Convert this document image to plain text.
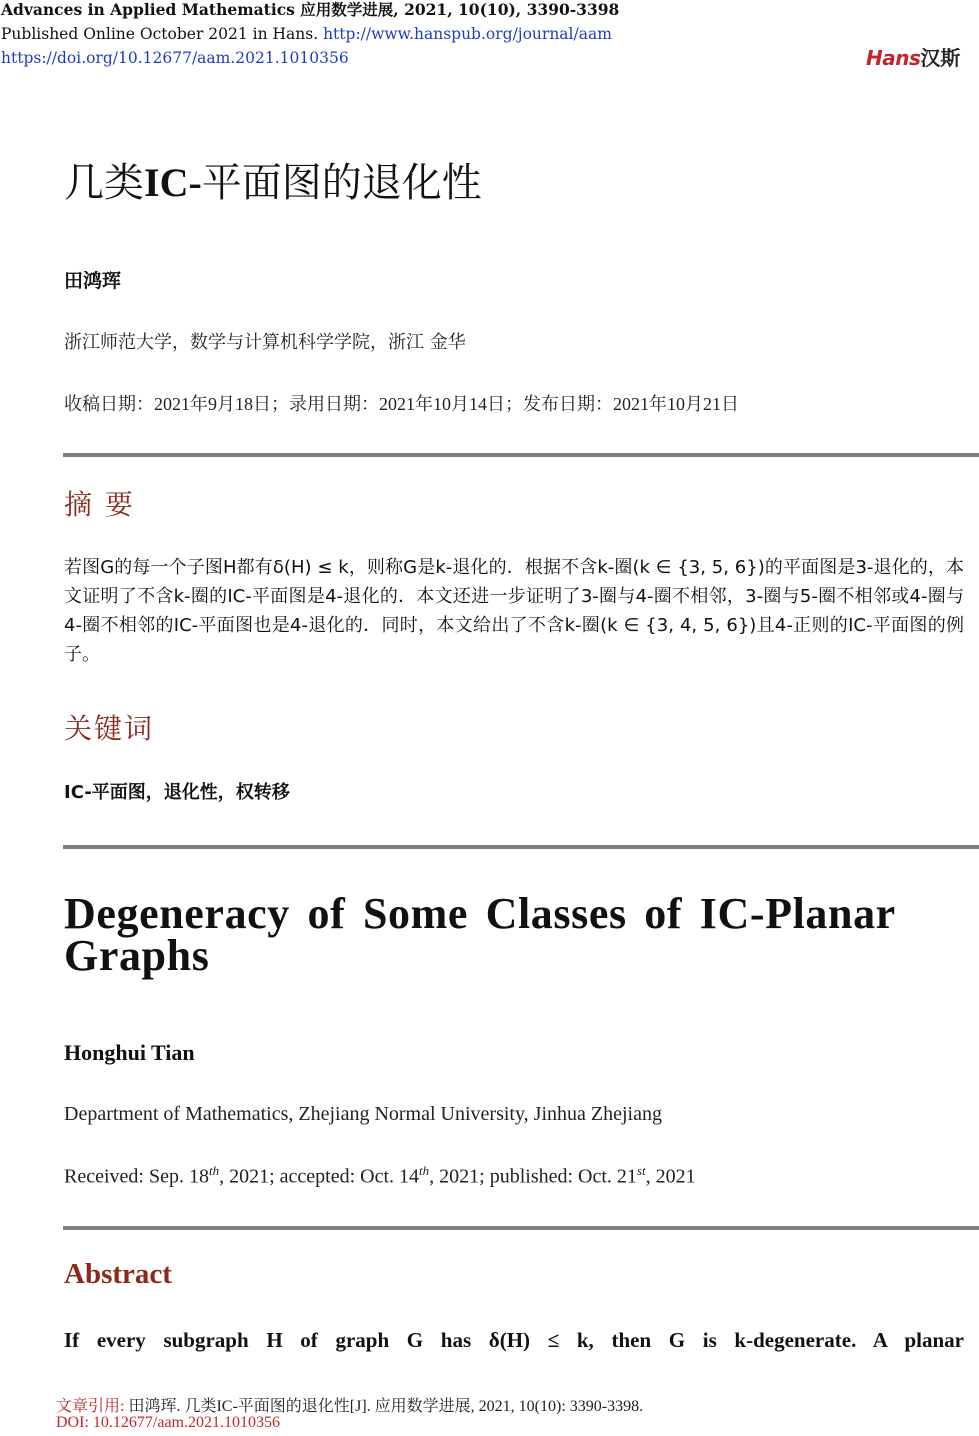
Advances in Applied Mathematics 应用数学进展, 2021, 10(10), 3390-3398
Published Online October 2021 in Hans. http://www.hanspub.org/journal/aam
https://doi.org/10.12677/aam.2021.1010356	Hans汉斯
几类IC-平面图的退化性
田鸿珲
浙江师范大学，数学与计算机科学学院，浙江 金华
收稿日期：2021年9月18日；录用日期：2021年10月14日；发布日期：2021年10月21日
摘 要
若图G的每一个子图H都有δ(H) ≤ k，则称G是k-退化的．根据不含k-圈(k ∈ {3, 5, 6})的平面图是3-退化的，本文证明了不含k-圈的IC-平面图是4-退化的．本文还进一步证明了3-圈与4-圈不相邻，3-圈与5-圈不相邻或4-圈与4-圈不相邻的IC-平面图也是4-退化的．同时，本文给出了不含k-圈(k ∈ {3, 4, 5, 6})且4-正则的IC-平面图的例子。
关键词
IC-平面图，退化性，权转移
Degeneracy of Some Classes of IC-Planar Graphs
Honghui Tian
Department of Mathematics, Zhejiang Normal University, Jinhua Zhejiang
Received: Sep. 18th, 2021; accepted: Oct. 14th, 2021; published: Oct. 21st, 2021
Abstract
If every subgraph H of graph G has δ(H) ≤ k, then G is k-degenerate. A planar
文章引用: 田鸿珲. 几类IC-平面图的退化性[J]. 应用数学进展, 2021, 10(10): 3390-3398.
DOI: 10.12677/aam.2021.1010356
